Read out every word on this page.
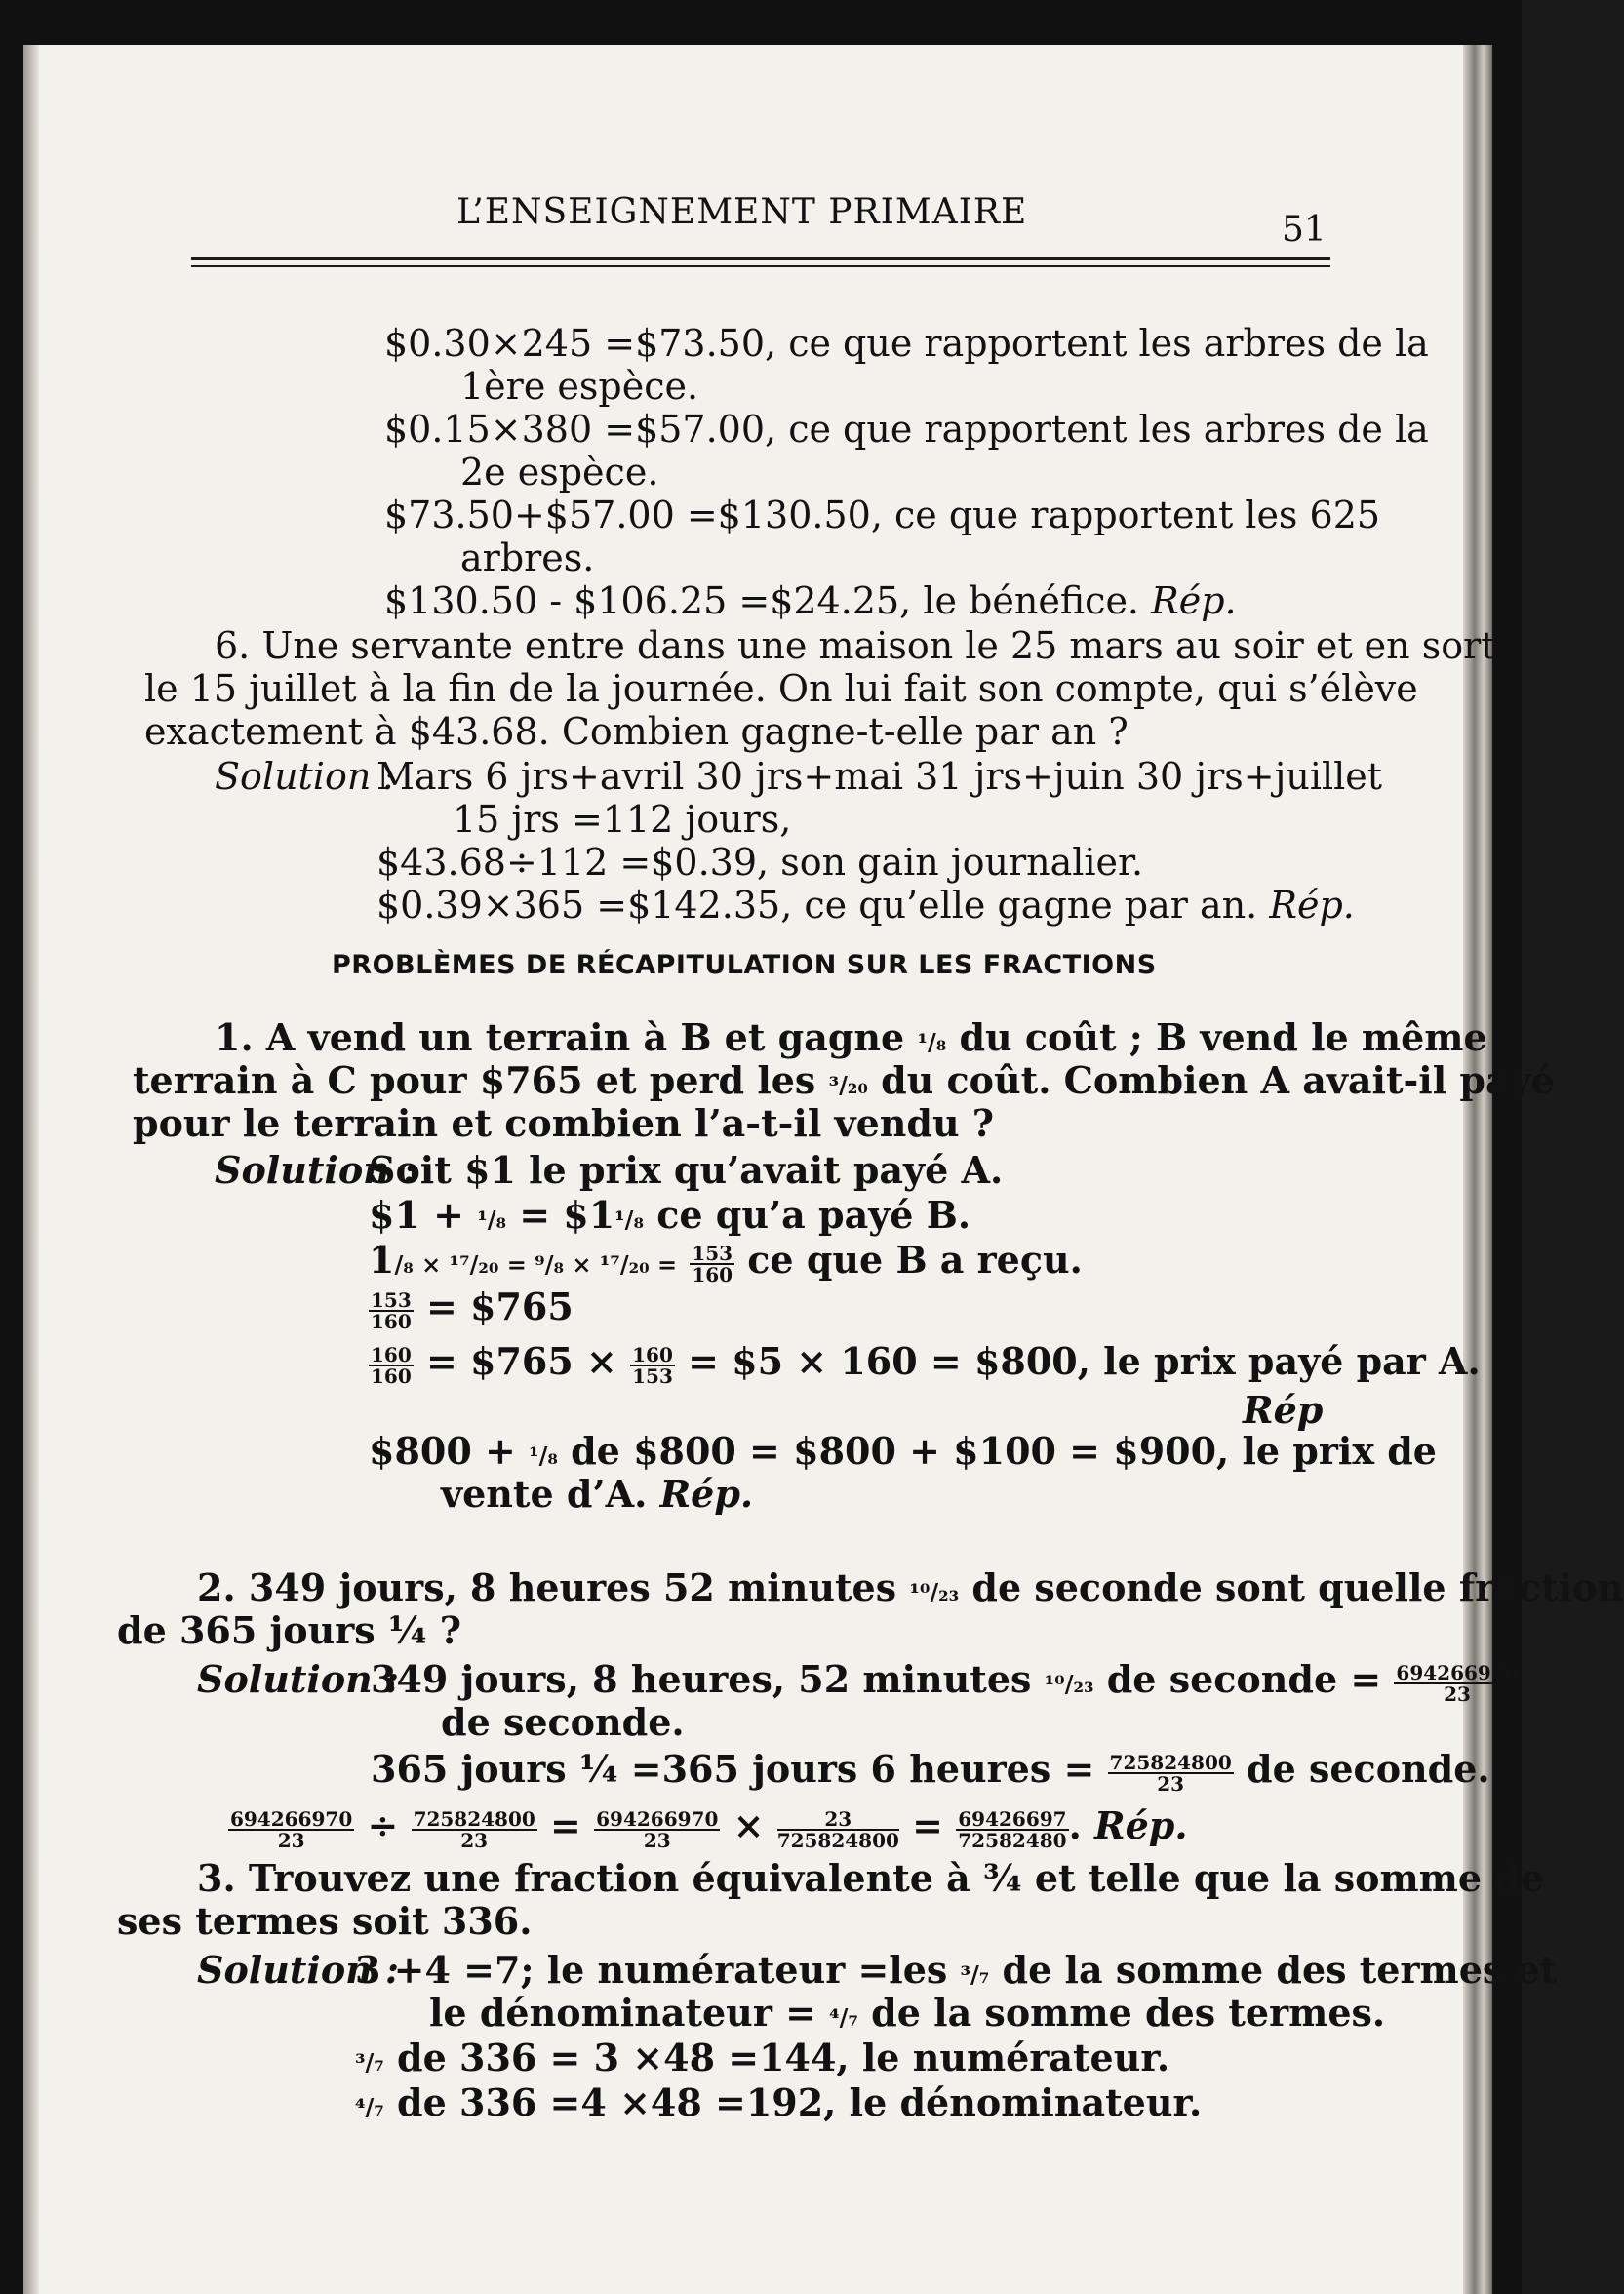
L’ENSEIGNEMENT PRIMAIRE	51
$0.30×245 =$73.50, ce que rapportent les arbres de la
1ère espèce.
$0.15×380 =$57.00, ce que rapportent les arbres de la
2e espèce.
$73.50+$57.00 =$130.50, ce que rapportent les 625
arbres.
$130.50 - $106.25 =$24.25, le bénéfice. Rép.
6. Une servante entre dans une maison le 25 mars au soir et en sort
le 15 juillet à la fin de la journée. On lui fait son compte, qui s’élève
exactement à $43.68. Combien gagne-t-elle par an ?
Solution :
Mars 6 jrs+avril 30 jrs+mai 31 jrs+juin 30 jrs+juillet
15 jrs =112 jours,
$43.68÷112 =$0.39, son gain journalier.
$0.39×365 =$142.35, ce qu’elle gagne par an. Rép.
PROBLÈMES DE RÉCAPITULATION SUR LES FRACTIONS
1. A vend un terrain à B et gagne ¹/₈ du coût ; B vend le même
terrain à C pour $765 et perd les ³/₂₀ du coût. Combien A avait-il payé
pour le terrain et combien l’a-t-il vendu ?
Solution :
Soit $1 le prix qu’avait payé A.
$1 + ¹/₈ = $1¹/₈ ce qu’a payé B.
$1/_8 \times ^{17}/_{20} = ^9/_8 \times ^{17}/_{20} = \frac{153}{160}$ ce que B a reçu.
$\frac{153}{160}$ = $765
$\frac{160}{160}$ = $765 × $\frac{160}{153}$ = $5 × 160 = $800, le prix payé par A.
Rép
$800 + ¹/₈ de $800 = $800 + $100 = $900, le prix de
vente d’A. Rép.
2. 349 jours, 8 heures 52 minutes ¹⁰/₂₃ de seconde sont quelle fraction
de 365 jours ¼ ?
Solution :
349 jours, 8 heures, 52 minutes ¹⁰/₂₃ de seconde = $\frac{694266970}{23}$
de seconde.
365 jours ¼ =365 jours 6 heures = $\frac{725824800}{23}$ de seconde.
$\frac{694266970}{23} \div \frac{725824800}{23} = \frac{694266970}{23} \times \frac{23}{725824800} = \frac{69426697}{72582480}$ . Rép.
3. Trouvez une fraction équivalente à ¾ et telle que la somme de
ses termes soit 336.
Solution :
3 +4 =7; le numérateur =les ³/₇ de la somme des termes et
le dénominateur = ⁴/₇ de la somme des termes.
³/₇ de 336 = 3 ×48 =144, le numérateur.
⁴/₇ de 336 =4 ×48 =192, le dénominateur.
